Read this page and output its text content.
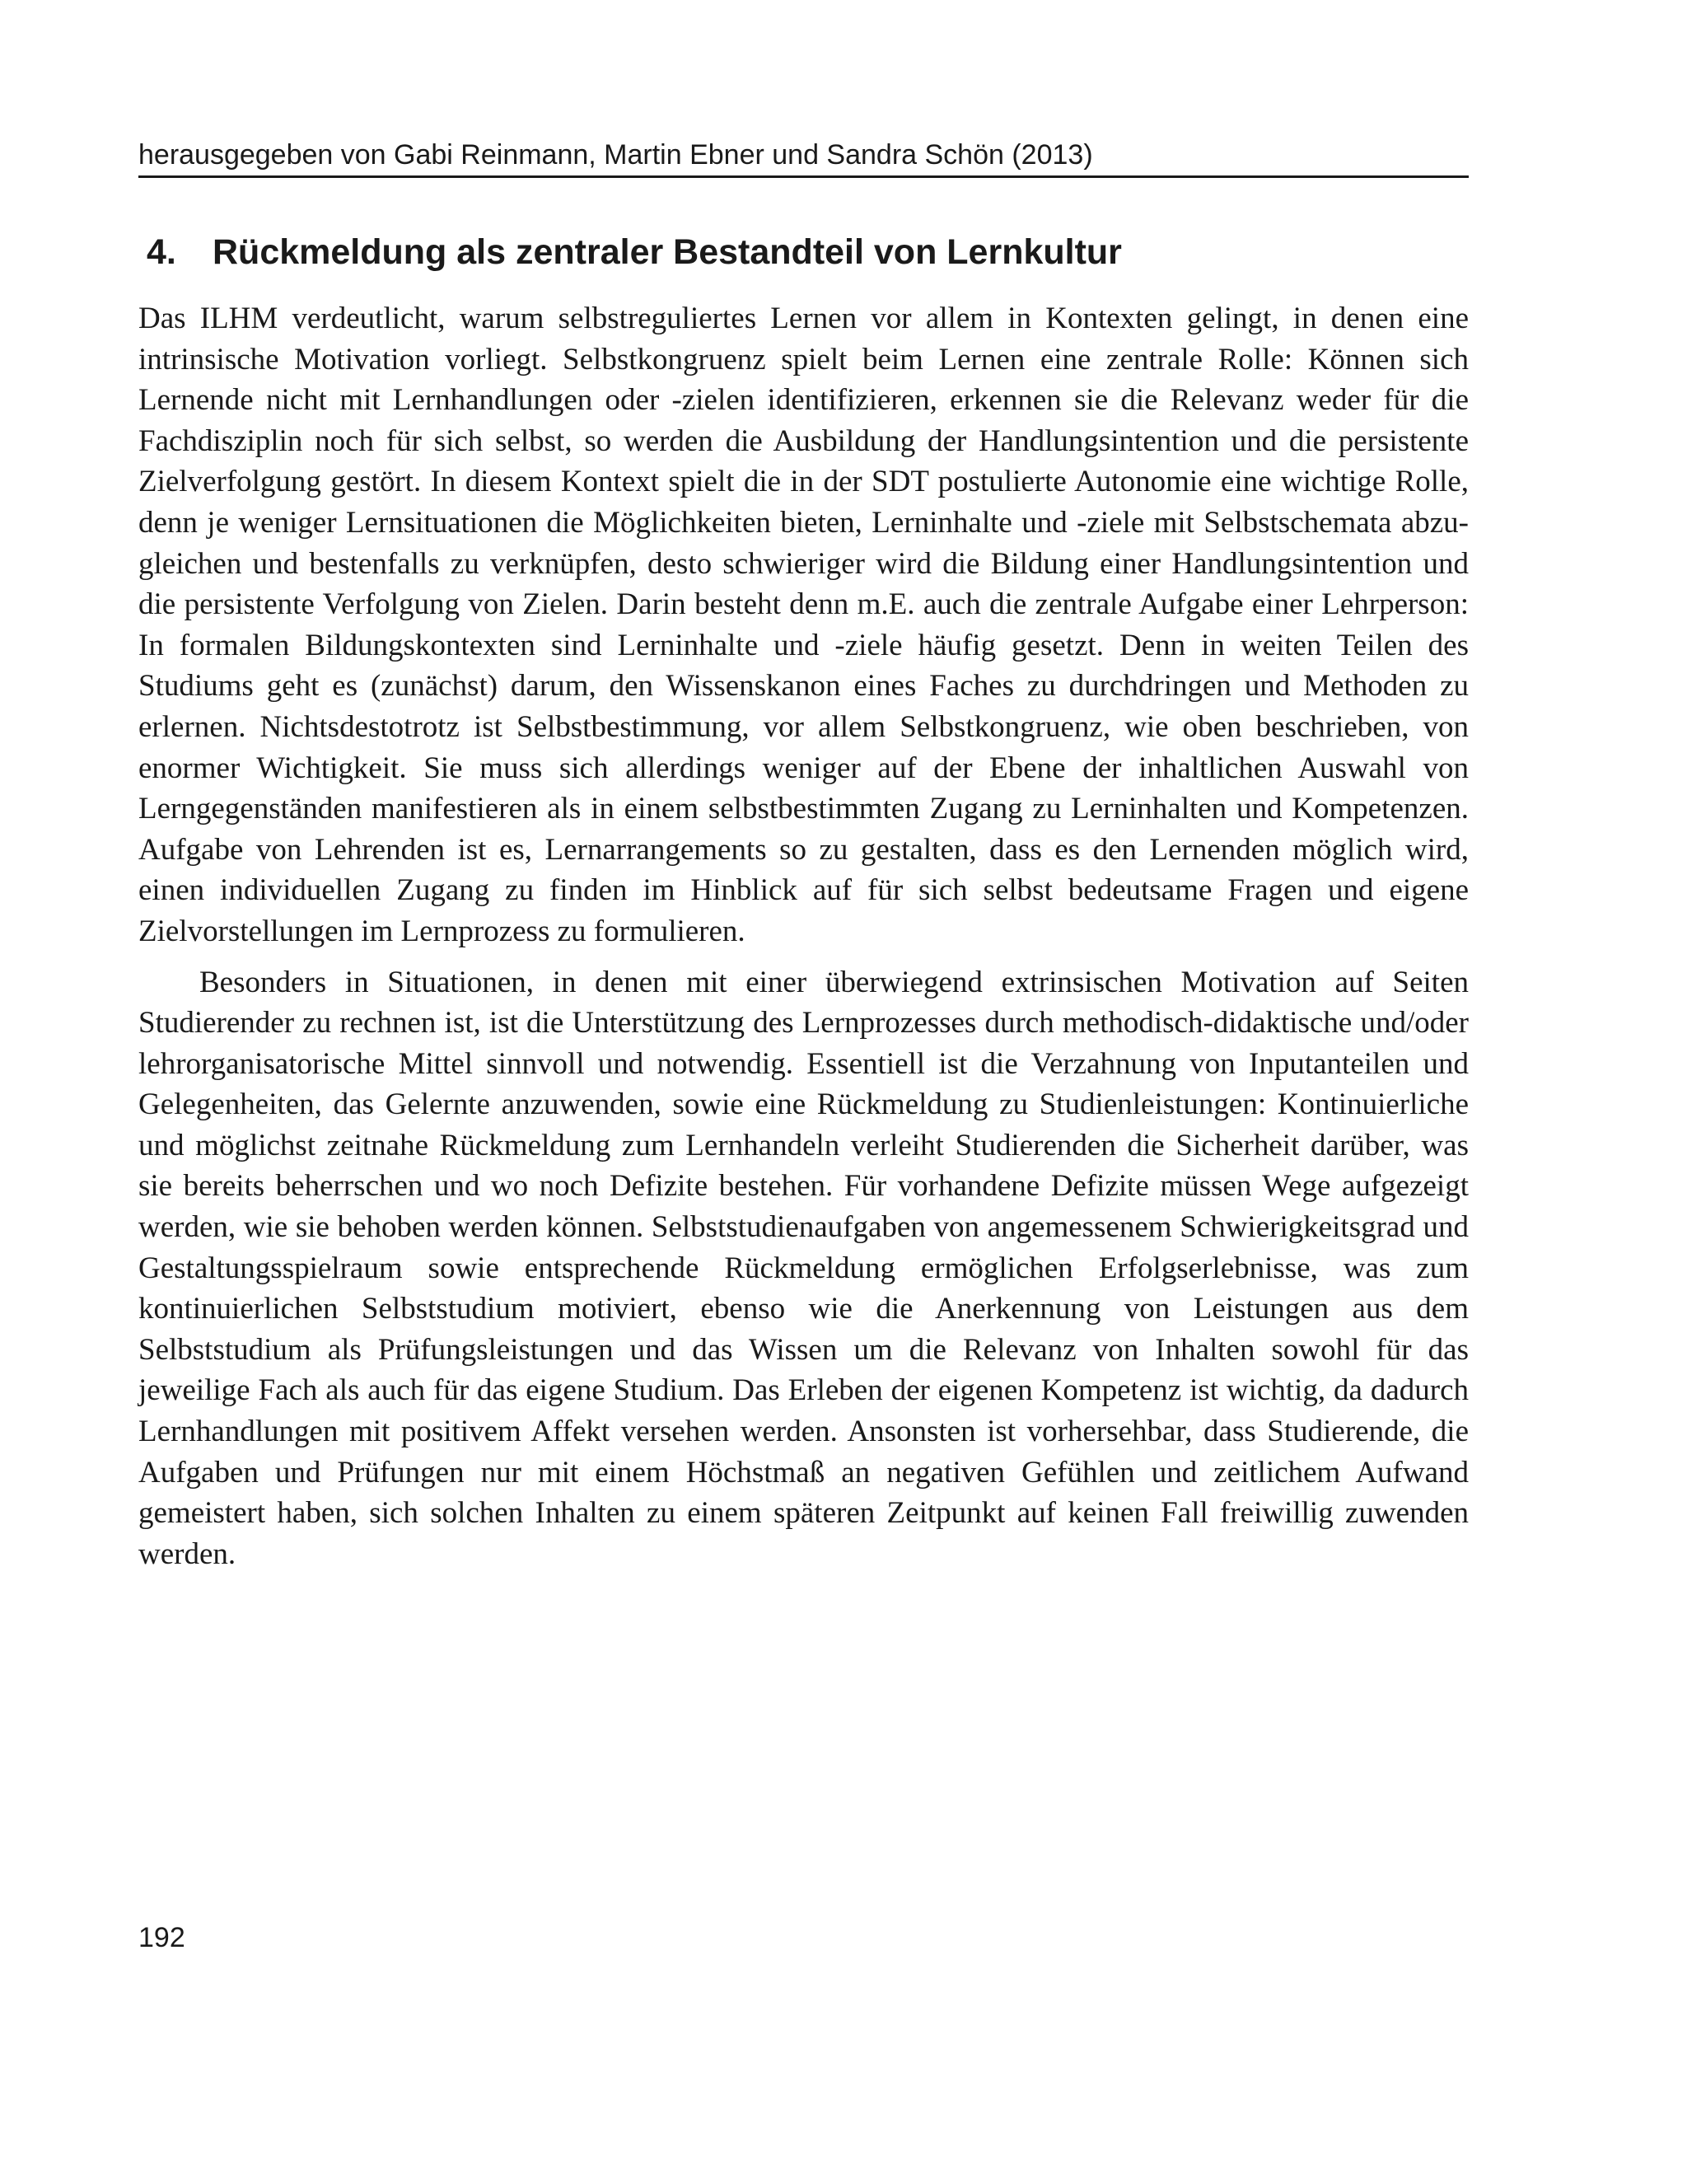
herausgegeben von Gabi Reinmann, Martin Ebner und Sandra Schön (2013)
4. Rückmeldung als zentraler Bestandteil von Lernkultur

Das ILHM verdeutlicht, warum selbstreguliertes Lernen vor allem in Kontexten gelingt, in denen eine intrinsische Motivation vorliegt. Selbstkongruenz spielt beim Lernen eine zentrale Rolle: Können sich Lernende nicht mit Lernhandlungen oder -zielen identifizieren, erkennen sie die Relevanz weder für die Fachdisziplin noch für sich selbst, so werden die Ausbildung der Handlungsintention und die persistente Zielverfolgung gestört. In diesem Kontext spielt die in der SDT postulierte Autonomie eine wichtige Rolle, denn je weniger Lernsituationen die Möglichkeiten bieten, Lerninhalte und -ziele mit Selbstschemata abzugleichen und bestenfalls zu verknüpfen, desto schwieriger wird die Bildung einer Handlungsintention und die persistente Verfolgung von Zielen. Darin besteht denn m.E. auch die zentrale Aufgabe einer Lehrperson: In formalen Bildungskontexten sind Lerninhalte und -ziele häufig gesetzt. Denn in weiten Teilen des Studiums geht es (zunächst) darum, den Wissenskanon eines Faches zu durchdringen und Methoden zu erlernen. Nichtsdestotrotz ist Selbstbestimmung, vor allem Selbstkongruenz, wie oben beschrieben, von enormer Wichtigkeit. Sie muss sich allerdings weniger auf der Ebene der inhaltlichen Auswahl von Lerngegenständen manifestieren als in einem selbstbestimmten Zugang zu Lerninhalten und Kompetenzen. Aufgabe von Lehrenden ist es, Lernarrangements so zu gestalten, dass es den Lernenden möglich wird, einen individuellen Zugang zu finden im Hinblick auf für sich selbst bedeutsame Fragen und eigene Zielvorstellungen im Lernprozess zu formulieren.

Besonders in Situationen, in denen mit einer überwiegend extrinsischen Motivation auf Seiten Studierender zu rechnen ist, ist die Unterstützung des Lernprozesses durch methodisch-didaktische und/oder lehrorganisatorische Mittel sinnvoll und notwendig. Essentiell ist die Verzahnung von Inputanteilen und Gelegenheiten, das Gelernte anzuwenden, sowie eine Rückmeldung zu Studienleistungen: Kontinuierliche und möglichst zeitnahe Rückmeldung zum Lernhandeln verleiht Studierenden die Sicherheit darüber, was sie bereits beherrschen und wo noch Defizite bestehen. Für vorhandene Defizite müssen Wege aufgezeigt werden, wie sie behoben werden können. Selbststudienaufgaben von angemessenem Schwierigkeitsgrad und Gestaltungsspielraum sowie entsprechende Rückmeldung ermöglichen Erfolgserlebnisse, was zum kontinuierlichen Selbststudium motiviert, ebenso wie die Anerkennung von Leistungen aus dem Selbststudium als Prüfungsleistungen und das Wissen um die Relevanz von Inhalten sowohl für das jeweilige Fach als auch für das eigene Studium. Das Erleben der eigenen Kompetenz ist wichtig, da dadurch Lernhandlungen mit positivem Affekt versehen werden. Ansonsten ist vorhersehbar, dass Studierende, die Aufgaben und Prüfungen nur mit einem Höchstmaß an negativen Gefühlen und zeitlichem Aufwand gemeistert haben, sich solchen Inhalten zu einem späteren Zeitpunkt auf keinen Fall freiwillig zuwenden werden.

192
